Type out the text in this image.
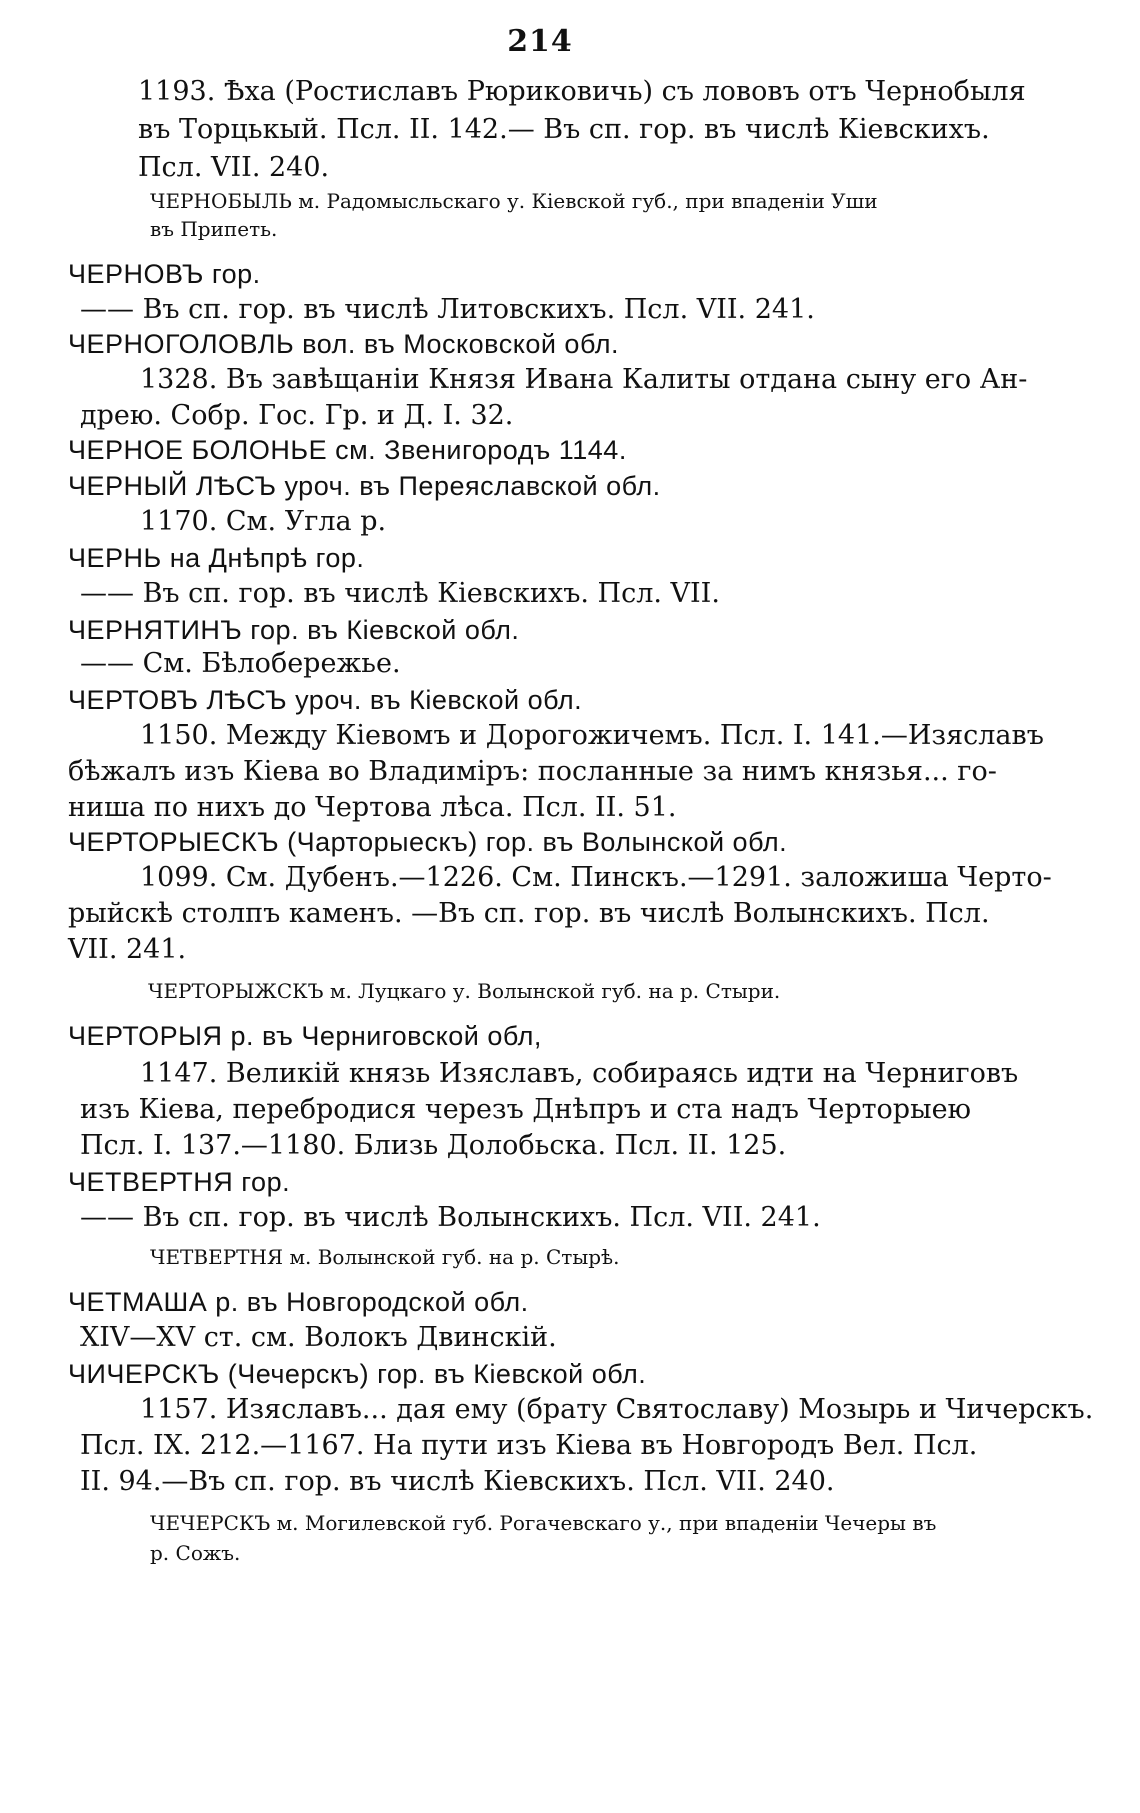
214

1193. Ѣха (Ростиславъ Рюриковичь) съ лововъ отъ Чернобыля

въ Торцькый. Псл. II. 142.— Въ сп. гор. въ числѣ Кіевскихъ.

Псл. VII. 240.

ЧЕРНОБЫЛЬ м. Радомысльскаго у. Кіевской губ., при впаденіи Уши

въ Припеть.

ЧЕРНОВЪ гор.

—— Въ сп. гор. въ числѣ Литовскихъ. Псл. VII. 241.

ЧЕРНОГОЛОВЛЬ вол. въ Московской обл.

1328. Въ завѣщаніи Князя Ивана Калиты отдана сыну его Ан-

дрею. Собр. Гос. Гр. и Д. I. 32.

ЧЕРНОЕ БОЛОНЬЕ см. Звенигородъ 1144.

ЧЕРНЫЙ ЛѢСЪ уроч. въ Переяславской обл.

1170. См. Угла р.

ЧЕРНЬ на Днѣпрѣ гор.

—— Въ сп. гор. въ числѣ Кіевскихъ. Псл. VII.

ЧЕРНЯТИНЪ гор. въ Кіевской обл.

—— См. Бѣлобережье.

ЧЕРТОВЪ ЛѢСЪ уроч. въ Кіевской обл.

1150. Между Кіевомъ и Дорогожичемъ. Псл. I. 141.—Изяславъ

бѣжалъ изъ Кіева во Владиміръ: посланные за нимъ князья... го-

ниша по нихъ до Чертова лѣса. Псл. II. 51.

ЧЕРТОРЫЕСКЪ (Чарторыескъ) гор. въ Волынской обл.

1099. См. Дубенъ.—1226. См. Пинскъ.—1291. заложиша Черто-

рыйскѣ столпъ каменъ. —Въ сп. гор. въ числѣ Волынскихъ. Псл.

VII. 241.

ЧЕРТОРЫЖСКЪ м. Луцкаго у. Волынской губ. на р. Стыри.

ЧЕРТОРЫЯ р. въ Черниговской обл,

1147. Великій князь Изяславъ, собираясь идти на Черниговъ

изъ Кіева, перебродися черезъ Днѣпръ и ста надъ Черторыею

Псл. I. 137.—1180. Близь Долобьска. Псл. II. 125.

ЧЕТВЕРТНЯ гор.

—— Въ сп. гор. въ числѣ Волынскихъ. Псл. VII. 241.

ЧЕТВЕРТНЯ м. Волынской губ. на р. Стырѣ.

ЧЕТМАША р. въ Новгородской обл.

XIV—XV ст. см. Волокъ Двинскій.

ЧИЧЕРСКЪ (Чечерскъ) гор. въ Кіевской обл.

1157. Изяславъ... дая ему (брату Святославу) Мозырь и Чичерскъ.

Псл. IX. 212.—1167. На пути изъ Кіева въ Новгородъ Вел. Псл.

II. 94.—Въ сп. гор. въ числѣ Кіевскихъ. Псл. VII. 240.

ЧЕЧЕРСКЪ м. Могилевской губ. Рогачевскаго у., при впаденіи Чечеры въ

р. Сожъ.
